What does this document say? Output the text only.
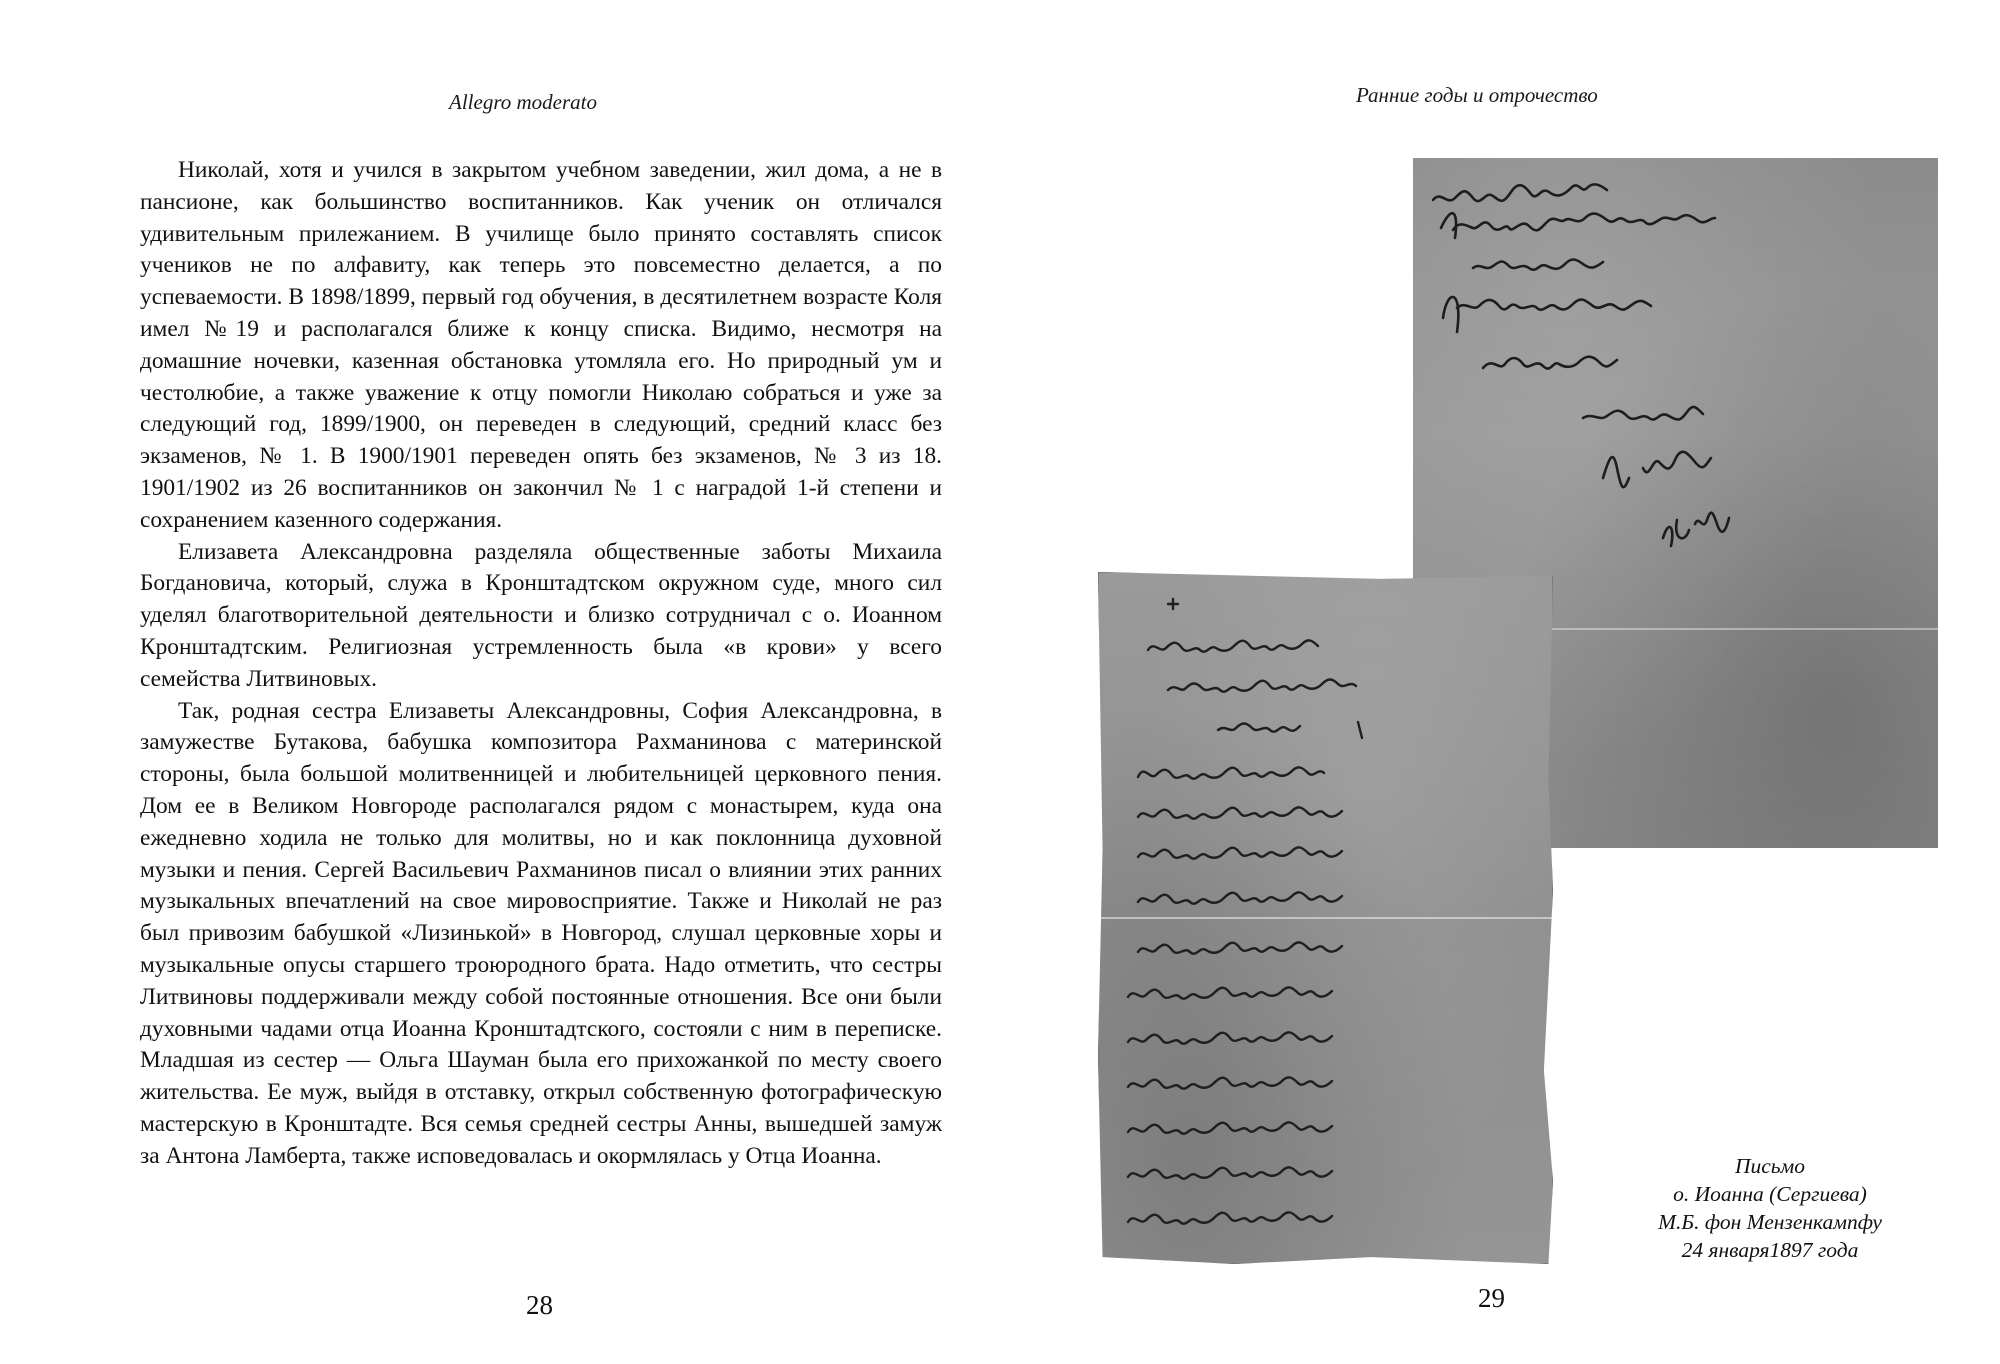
Allegro moderato

Николай, хотя и учился в закрытом учебном заведении, жил дома, а не в пансионе, как большинство воспитанников. Как ученик он отличался удивительным прилежанием. В училище было принято составлять список учеников не по алфавиту, как теперь это повсеместно делается, а по успеваемости. В 1898/1899, первый год обучения, в десятилетнем возрасте Коля имел №19 и располагался ближе к концу списка. Видимо, несмотря на домашние ночевки, казенная обстановка утомляла его. Но природный ум и честолюбие, а также уважение к отцу помогли Николаю собраться и уже за следующий год, 1899/1900, он переведен в следующий, средний класс без экзаменов, № 1. В 1900/1901 переведен опять без экзаменов, № 3 из 18. 1901/1902 из 26 воспитанников он закончил № 1 с наградой 1-й степени и сохранением казенного содержания.

Елизавета Александровна разделяла общественные заботы Михаила Богдановича, который, служа в Кронштадтском окружном суде, много сил уделял благотворительной деятельности и близко сотрудничал с о. Иоанном Кронштадтским. Религиозная устремленность была «в крови» у всего семейства Литвиновых.

Так, родная сестра Елизаветы Александровны, София Александровна, в замужестве Бутакова, бабушка композитора Рахманинова с материнской стороны, была большой молитвенницей и любительницей церковного пения. Дом ее в Великом Новгороде располагался рядом с монастырем, куда она ежедневно ходила не только для молитвы, но и как поклонница духовной музыки и пения. Сергей Васильевич Рахманинов писал о влиянии этих ранних музыкальных впечатлений на свое мировосприятие. Также и Николай не раз был привозим бабушкой «Лизинькой» в Новгород, слушал церковные хоры и музыкальные опусы старшего троюродного брата. Надо отметить, что сестры Литвиновы поддерживали между собой постоянные отношения. Все они были духовными чадами отца Иоанна Кронштадтского, состояли с ним в переписке. Младшая из сестер — Ольга Шауман была его прихожанкой по месту своего жительства. Ее муж, выйдя в отставку, открыл собственную фотографическую мастерскую в Кронштадте. Вся семья средней сестры Анны, вышедшей замуж за Антона Ламберта, также исповедовалась и окормлялась у Отца Иоанна.

28
Ранние годы и отрочество
Письмо
о. Иоанна (Сергиева)
М.Б. фон Мензенкампфу
24 января1897 года
29
